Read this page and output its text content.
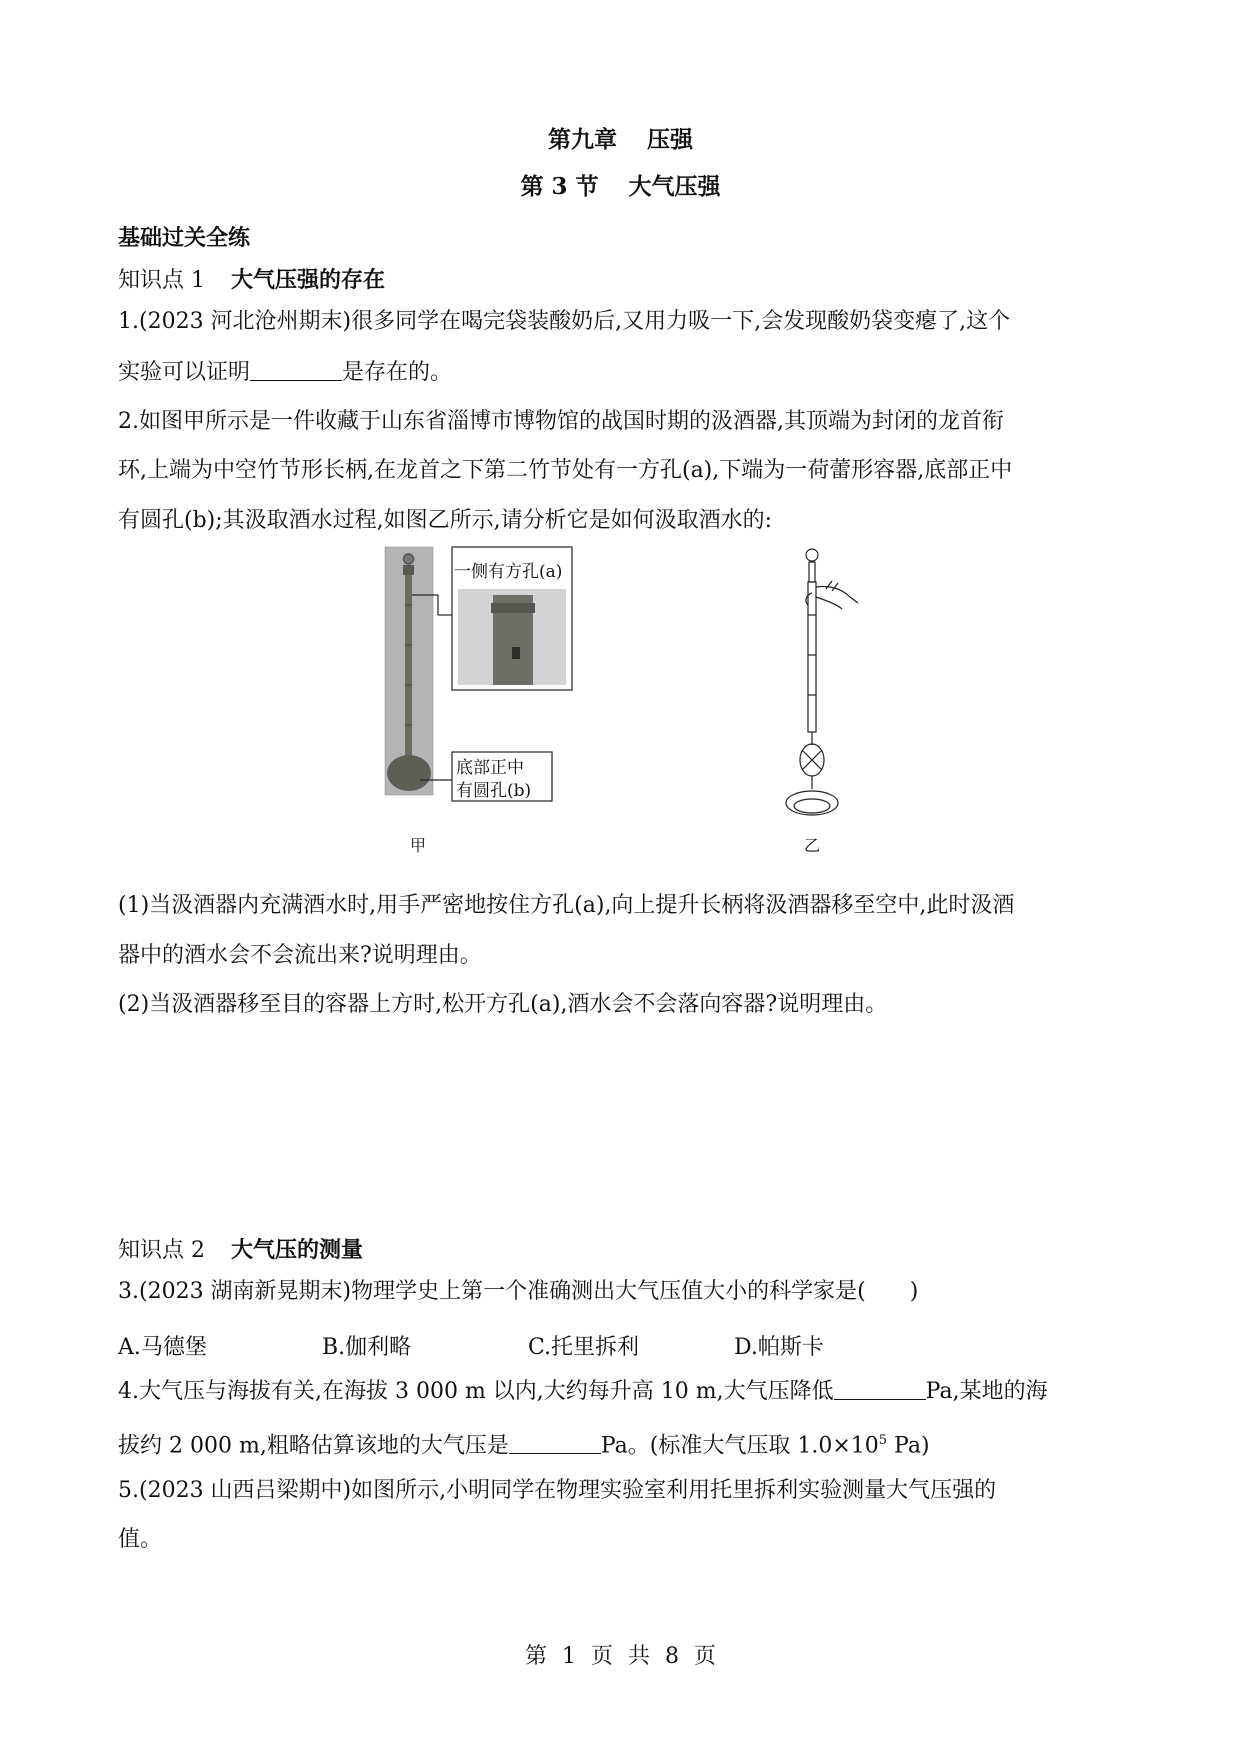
第九章 压强
第 3 节 大气压强
基础过关全练
知识点 1 大气压强的存在
1.(2023 河北沧州期末)很多同学在喝完袋装酸奶后,又用力吸一下,会发现酸奶袋变瘪了,这个
实验可以证明	是存在的。
2.如图甲所示是一件收藏于山东省淄博市博物馆的战国时期的汲酒器,其顶端为封闭的龙首衔
环,上端为中空竹节形长柄,在龙首之下第二竹节处有一方孔(a),下端为一荷蕾形容器,底部正中
有圆孔(b);其汲取酒水过程,如图乙所示,请分析它是如何汲取酒水的:
一侧有方孔(a)
底部正中
有圆孔(b)
甲	乙
(1)当汲酒器内充满酒水时,用手严密地按住方孔(a),向上提升长柄将汲酒器移至空中,此时汲酒
器中的酒水会不会流出来?说明理由。
(2)当汲酒器移至目的容器上方时,松开方孔(a),酒水会不会落向容器?说明理由。
知识点 2 大气压的测量
3.(2023 湖南新晃期末)物理学史上第一个准确测出大气压值大小的科学家是( )
A.马德堡	B.伽利略	C.托里拆利	D.帕斯卡
4.大气压与海拔有关,在海拔 3 000 m 以内,大约每升高 10 m,大气压降低	Pa,某地的海
拔约 2 000 m,粗略估算该地的大气压是	Pa。(标准大气压取 $1.0\times 10^5$ Pa)
5.(2023 山西吕梁期中)如图所示,小明同学在物理实验室利用托里拆利实验测量大气压强的
值。
第 1 页 共 8 页
